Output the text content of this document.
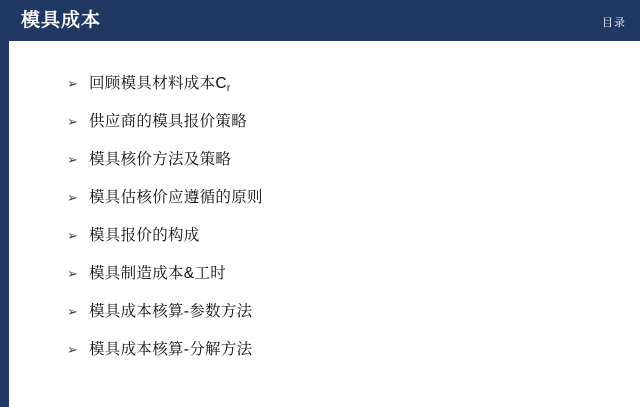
模具成本	目录
➢ 回顾模具材料成本$C_r$
➢ 供应商的模具报价策略
➢ 模具核价方法及策略
➢ 模具估核价应遵循的原则
➢ 模具报价的构成
➢ 模具制造成本&工时
➢ 模具成本核算-参数方法
➢ 模具成本核算-分解方法
